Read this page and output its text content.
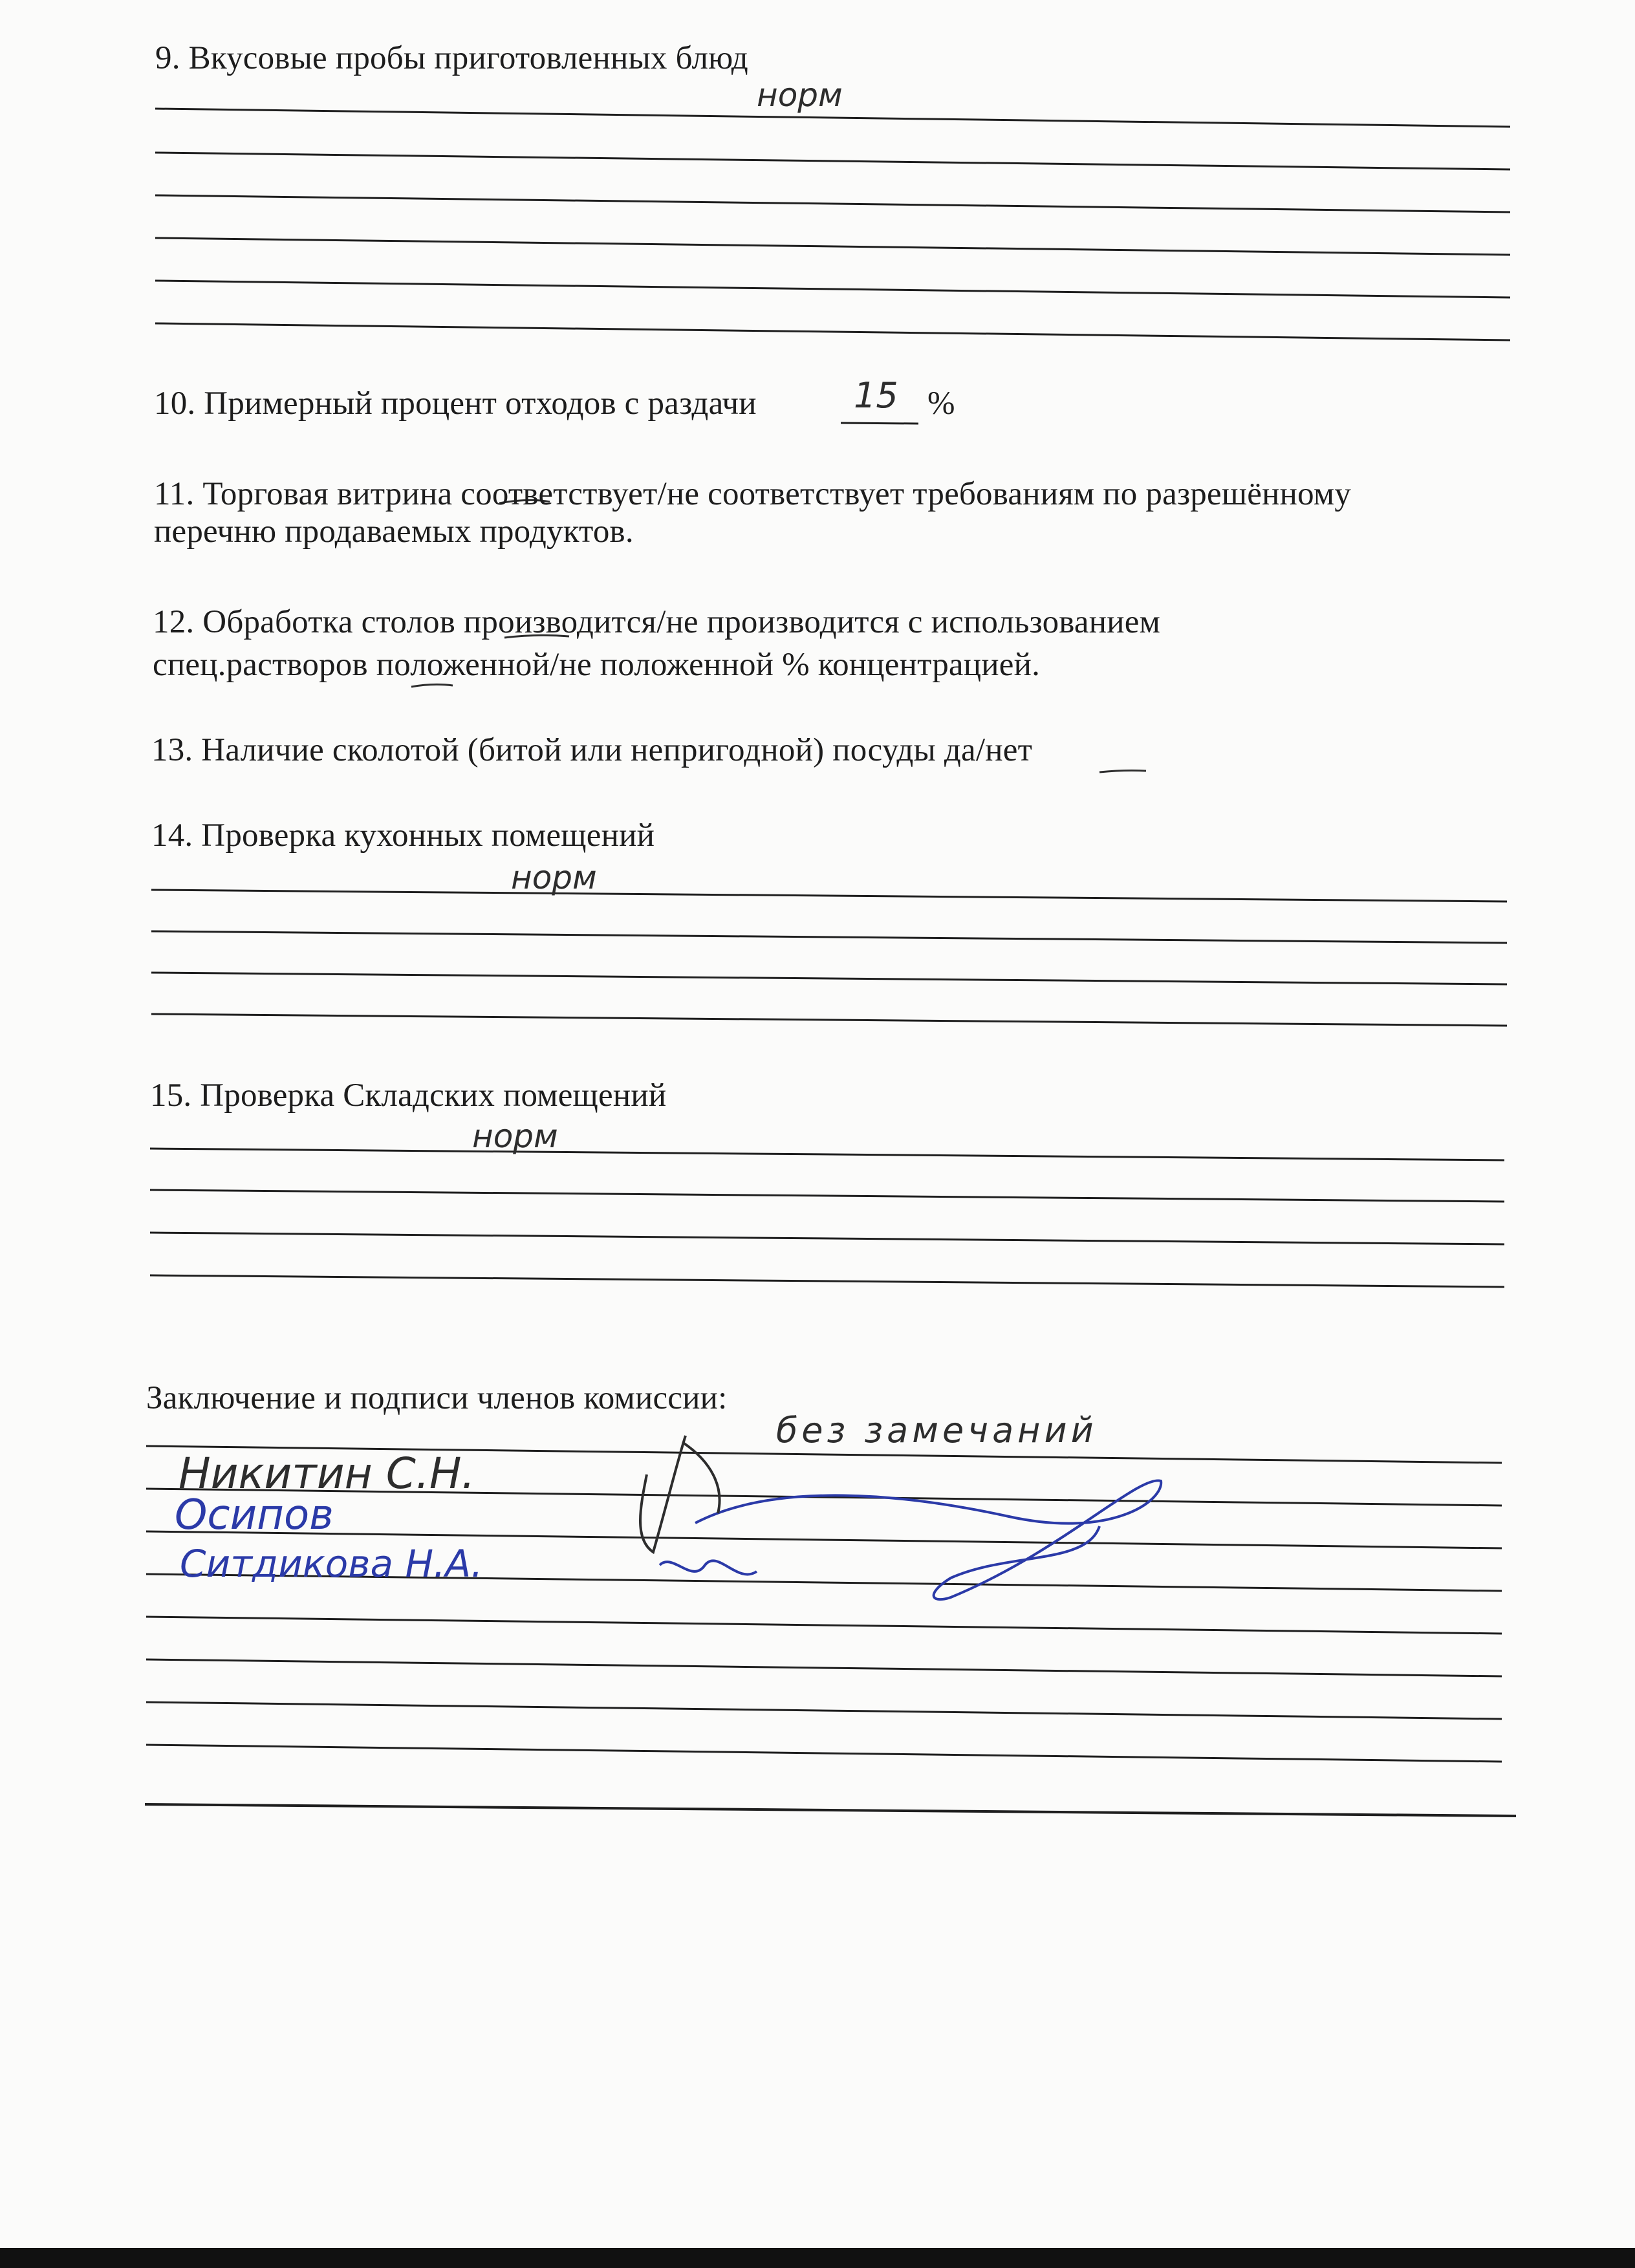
9. Вкусовые пробы приготовленных блюд
норм
10. Примерный процент отходов с раздачи	15 %
11. Торговая витрина соответствует/не соответствует требованиям по разрешённому
перечню продаваемых продуктов.
12. Обработка столов производится/не производится с использованием
спец.растворов положенной/не положенной % концентрацией.
13. Наличие сколотой (битой или непригодной) посуды да/нет
14. Проверка кухонных помещений
норм
15. Проверка Складских помещений
норм
Заключение и подписи членов комиссии:
без замечаний
Никитин С.Н.
Осипов
Ситдикова Н.А.
